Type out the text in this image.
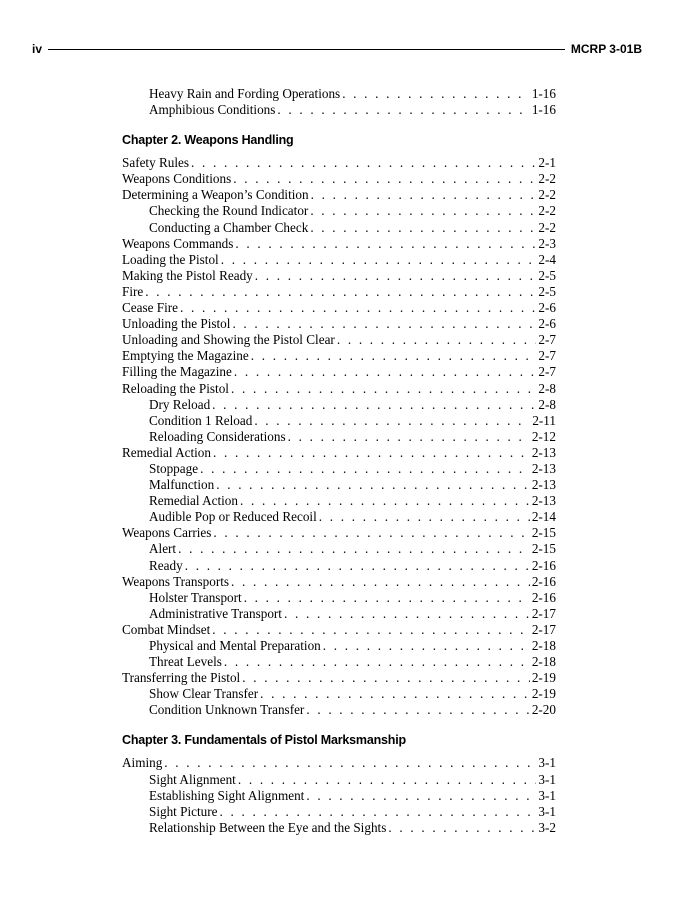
iv	MCRP 3-01B
Heavy Rain and Fording Operations . . .	1-16
Amphibious Conditions . . .	1-16
Chapter 2. Weapons Handling
Safety Rules . . .	2-1
Weapons Conditions . . .	2-2
Determining a Weapon’s Condition . . .	2-2
Checking the Round Indicator . . .	2-2
Conducting a Chamber Check . . .	2-2
Weapons Commands . . .	2-3
Loading the Pistol . . .	2-4
Making the Pistol Ready . . .	2-5
Fire . . .	2-5
Cease Fire . . .	2-6
Unloading the Pistol . . .	2-6
Unloading and Showing the Pistol Clear . . .	2-7
Emptying the Magazine . . .	2-7
Filling the Magazine . . .	2-7
Reloading the Pistol . . .	2-8
Dry Reload . . .	2-8
Condition 1 Reload . . .	2-11
Reloading Considerations . . .	2-12
Remedial Action . . .	2-13
Stoppage . . .	2-13
Malfunction . . .	2-13
Remedial Action . . .	2-13
Audible Pop or Reduced Recoil . . .	2-14
Weapons Carries . . .	2-15
Alert . . .	2-15
Ready . . .	2-16
Weapons Transports . . .	2-16
Holster Transport . . .	2-16
Administrative Transport . . .	2-17
Combat Mindset . . .	2-17
Physical and Mental Preparation . . .	2-18
Threat Levels . . .	2-18
Transferring the Pistol . . .	2-19
Show Clear Transfer . . .	2-19
Condition Unknown Transfer . . .	2-20
Chapter 3. Fundamentals of Pistol Marksmanship
Aiming . . .	3-1
Sight Alignment . . .	3-1
Establishing Sight Alignment . . .	3-1
Sight Picture . . .	3-1
Relationship Between the Eye and the Sights . . .	3-2
